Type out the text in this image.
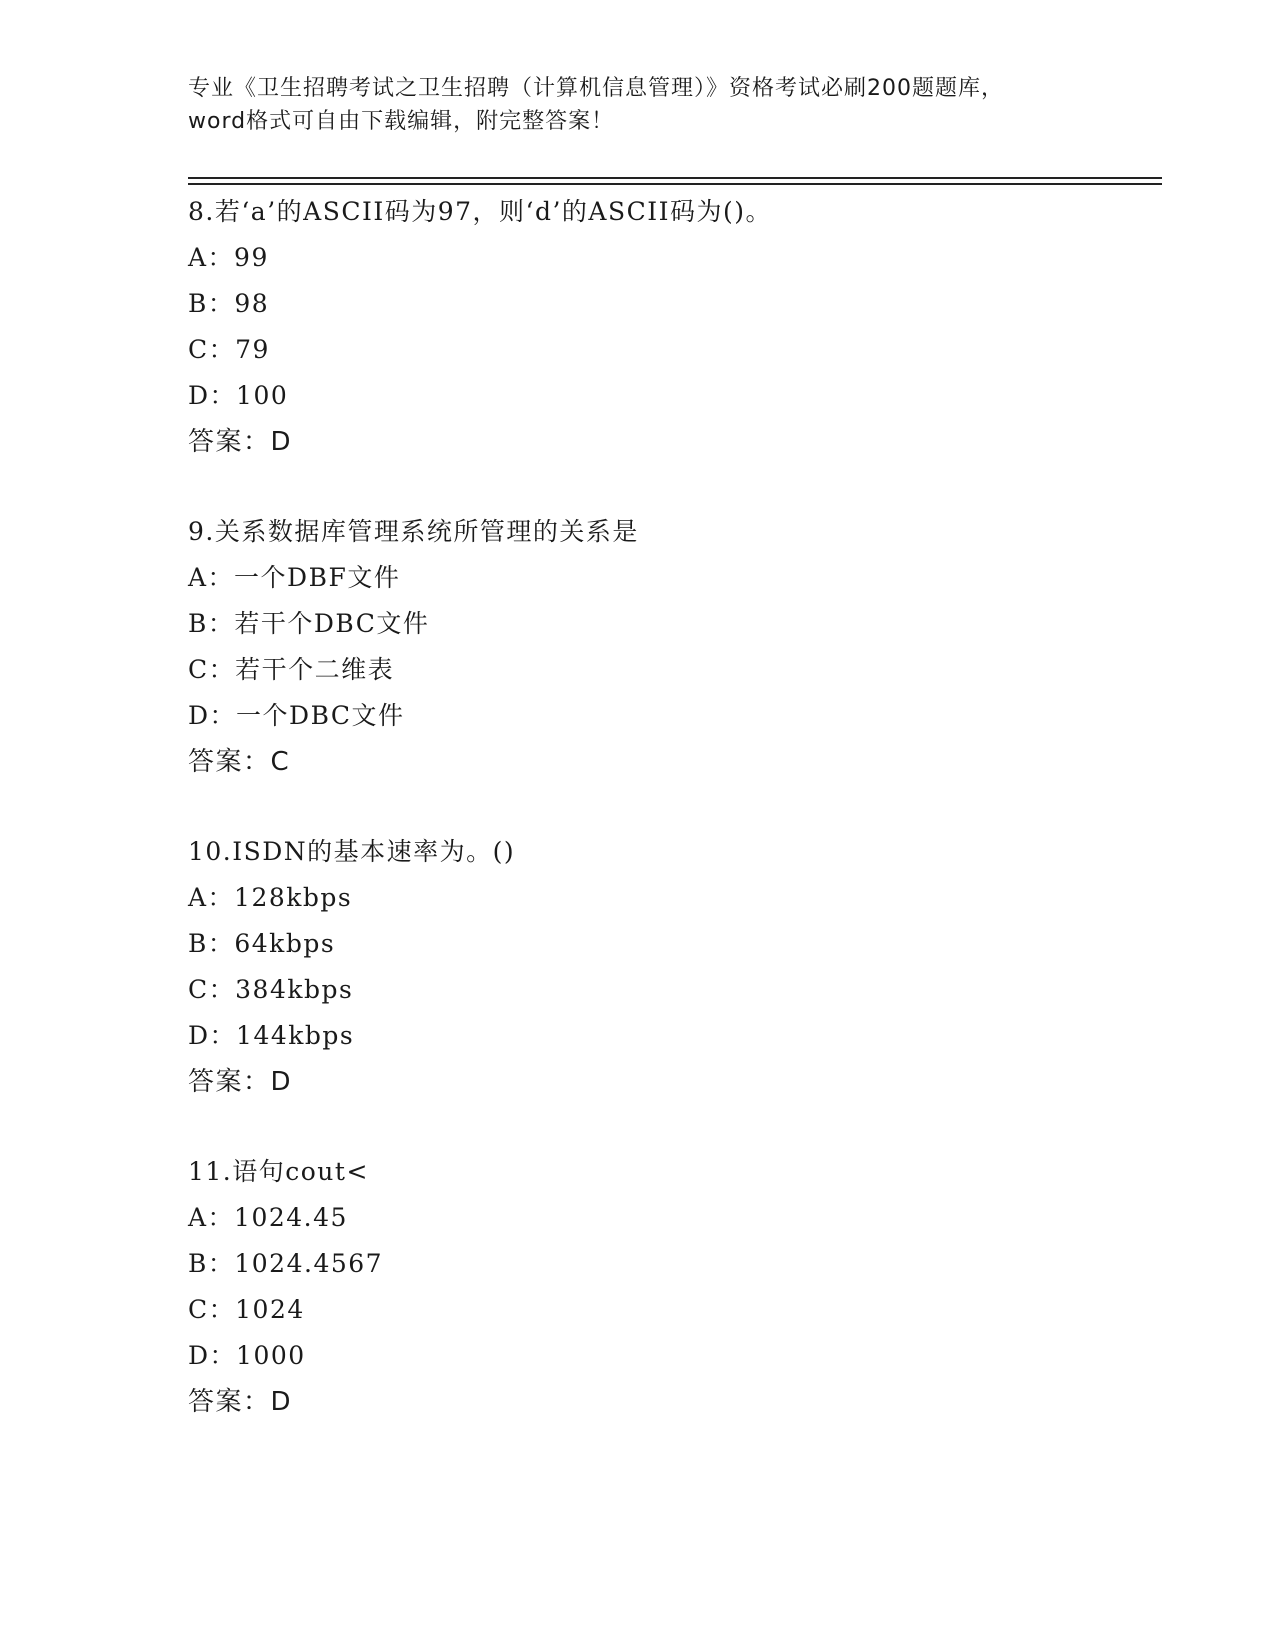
专业《卫生招聘考试之卫生招聘（计算机信息管理）》资格考试必刷200题题库，
word格式可自由下载编辑，附完整答案！
8.若‘a’的ASCII码为97，则‘d’的ASCII码为()。
A：99
B：98
C：79
D：100
答案：D
9.关系数据库管理系统所管理的关系是
A：一个DBF文件
B：若干个DBC文件
C：若干个二维表
D：一个DBC文件
答案：C
10.ISDN的基本速率为。()
A：128kbps
B：64kbps
C：384kbps
D：144kbps
答案：D
11.语句cout<
A：1024.45
B：1024.4567
C：1024
D：1000
答案：D
